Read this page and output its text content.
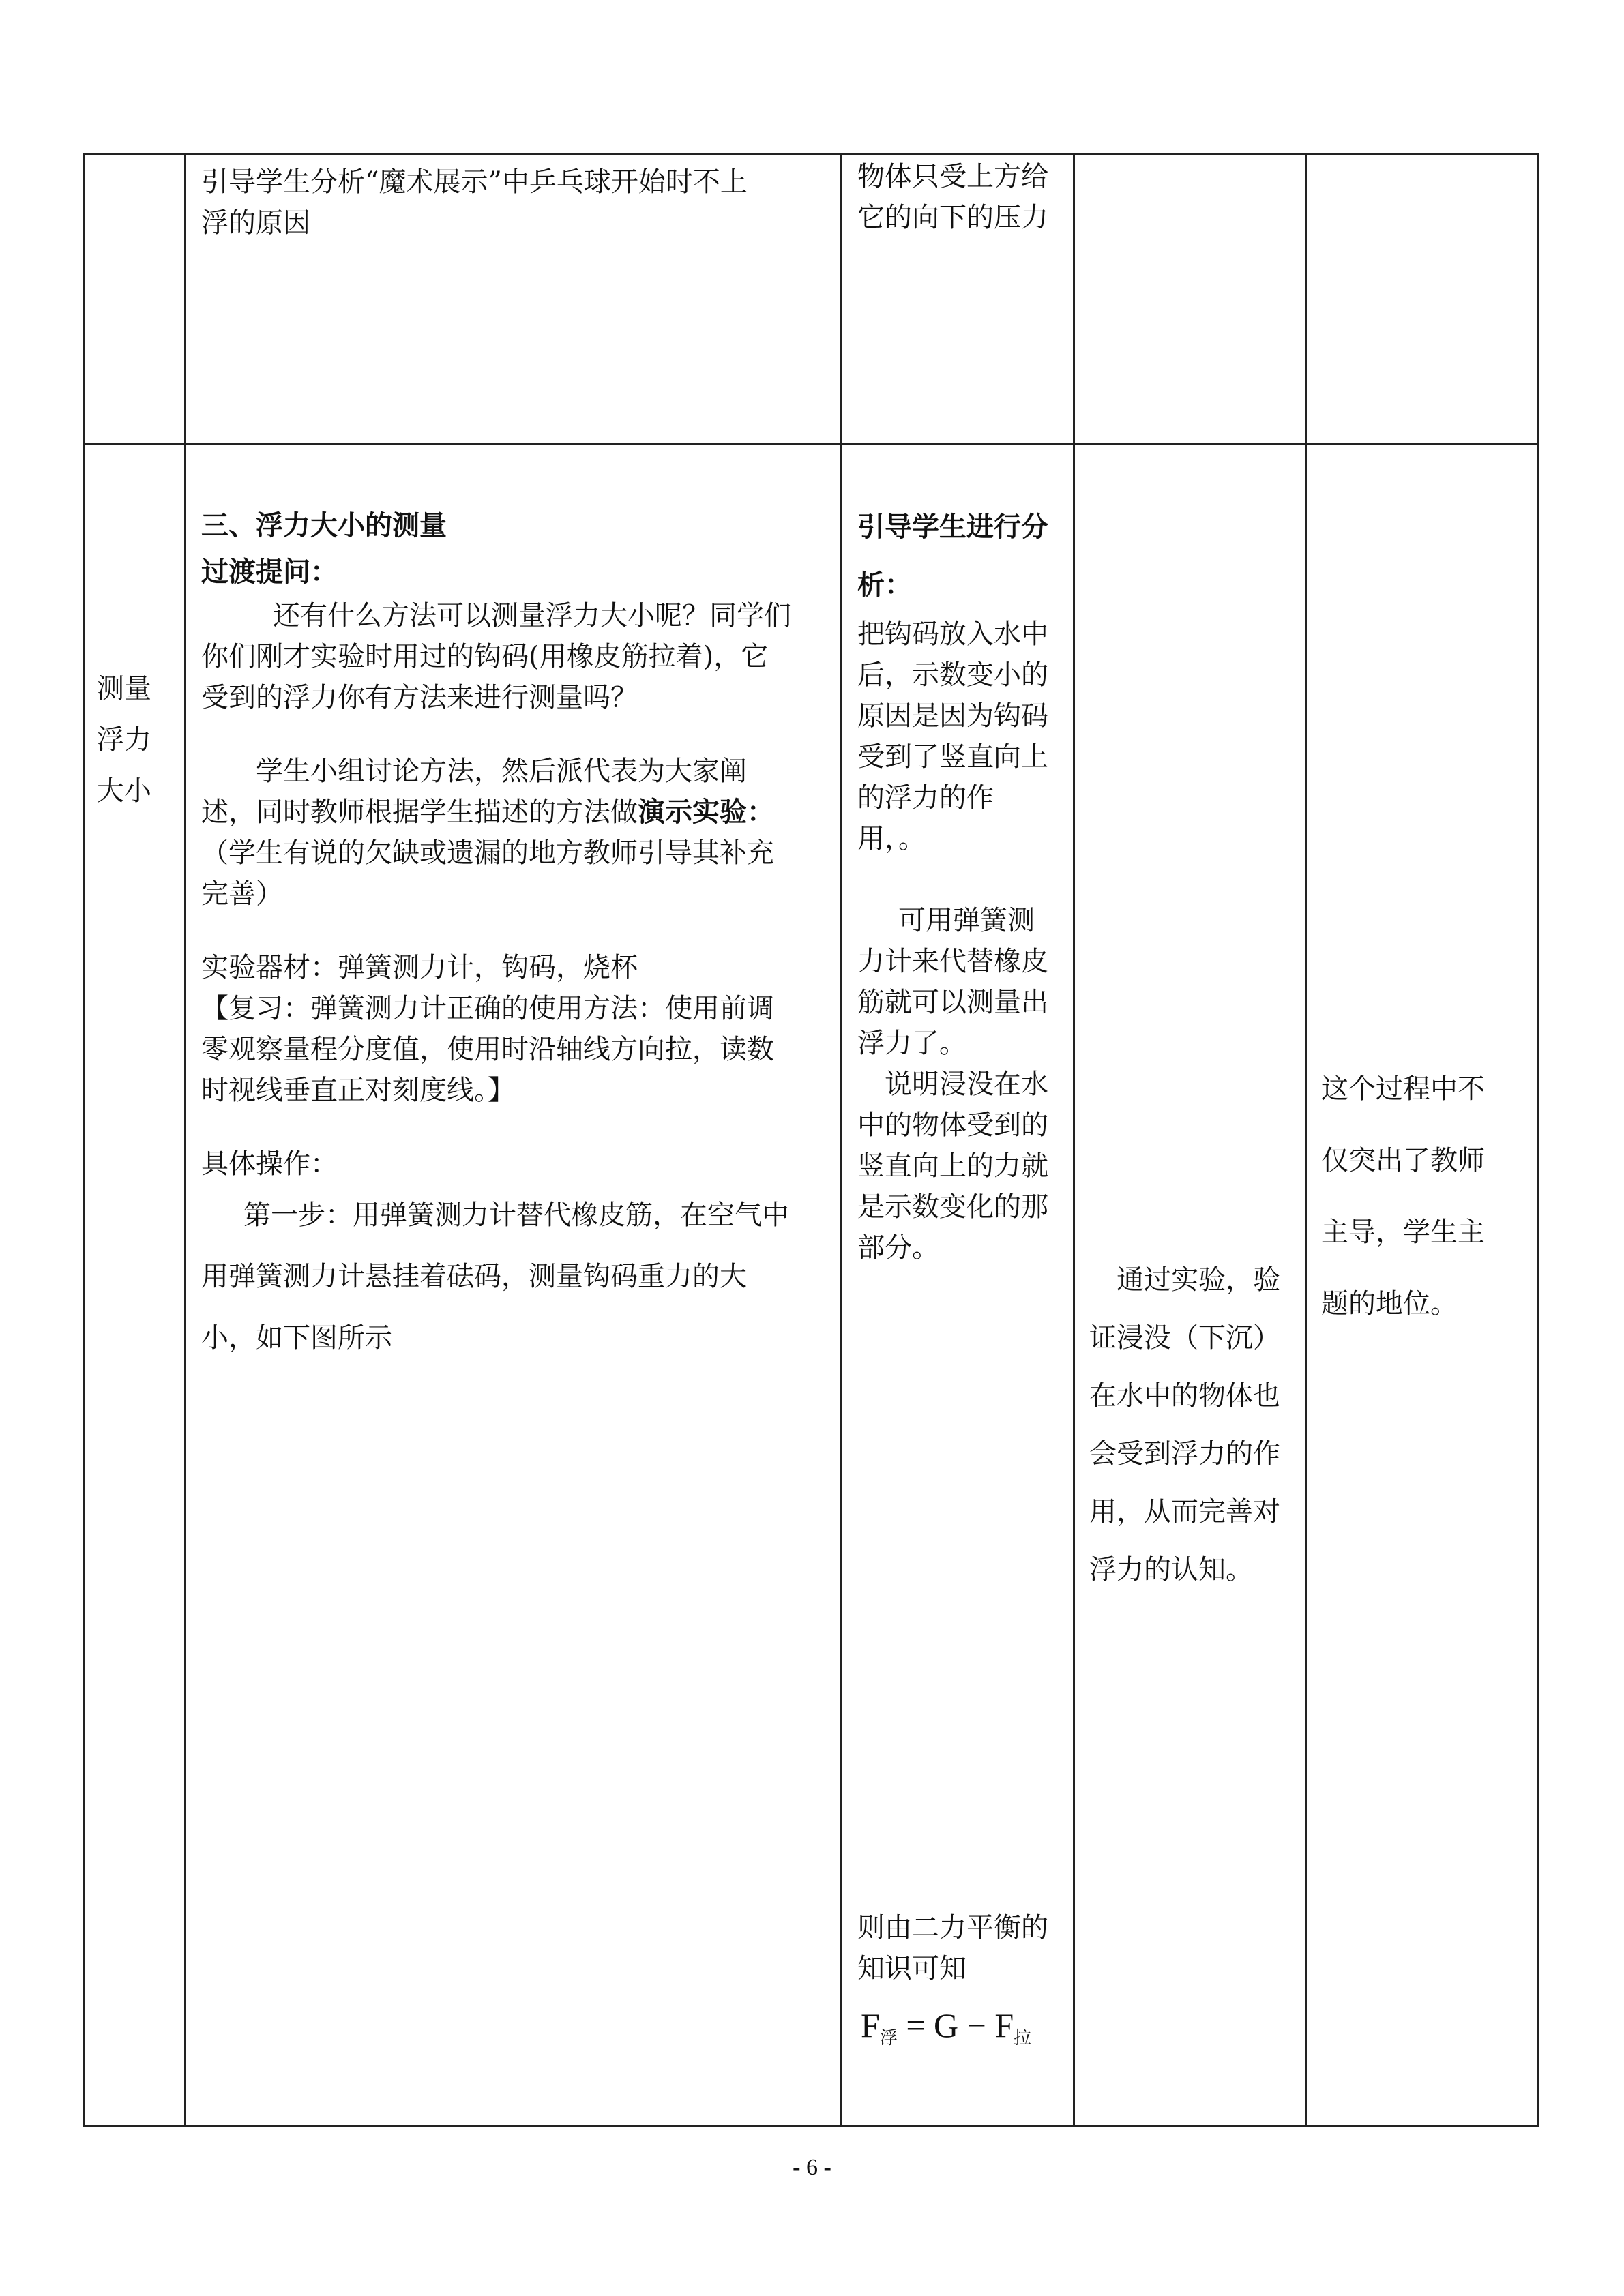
引导学生分析“魔术展示”中乒乓球开始时不上

浮的原因

物体只受上方给

它的向下的压力

测量

浮力

大小

三、浮力大小的测量

过渡提问：

还有什么方法可以测量浮力大小呢？同学们

你们刚才实验时用过的钩码(用橡皮筋拉着)，它

受到的浮力你有方法来进行测量吗？

学生小组讨论方法，然后派代表为大家阐

述，同时教师根据学生描述的方法做演示实验：

（学生有说的欠缺或遗漏的地方教师引导其补充

完善）

实验器材：弹簧测力计，钩码，烧杯

【复习：弹簧测力计正确的使用方法：使用前调

零观察量程分度值，使用时沿轴线方向拉，读数

时视线垂直正对刻度线。】

具体操作：

第一步：用弹簧测力计替代橡皮筋，在空气中

用弹簧测力计悬挂着砝码，测量钩码重力的大

小，如下图所示

引导学生进行分

析：

把钩码放入水中

后，示数变小的

原因是因为钩码

受到了竖直向上

的浮力的作

用，。

可用弹簧测

力计来代替橡皮

筋就可以测量出

浮力了。

说明浸没在水

中的物体受到的

竖直向上的力就

是示数变化的那

部分。

则由二力平衡的

知识可知

$F_浮 = G - F_拉$

通过实验，验

证浸没（下沉）

在水中的物体也

会受到浮力的作

用，从而完善对

浮力的认知。

这个过程中不

仅突出了教师

主导，学生主

题的地位。

- 6 -
